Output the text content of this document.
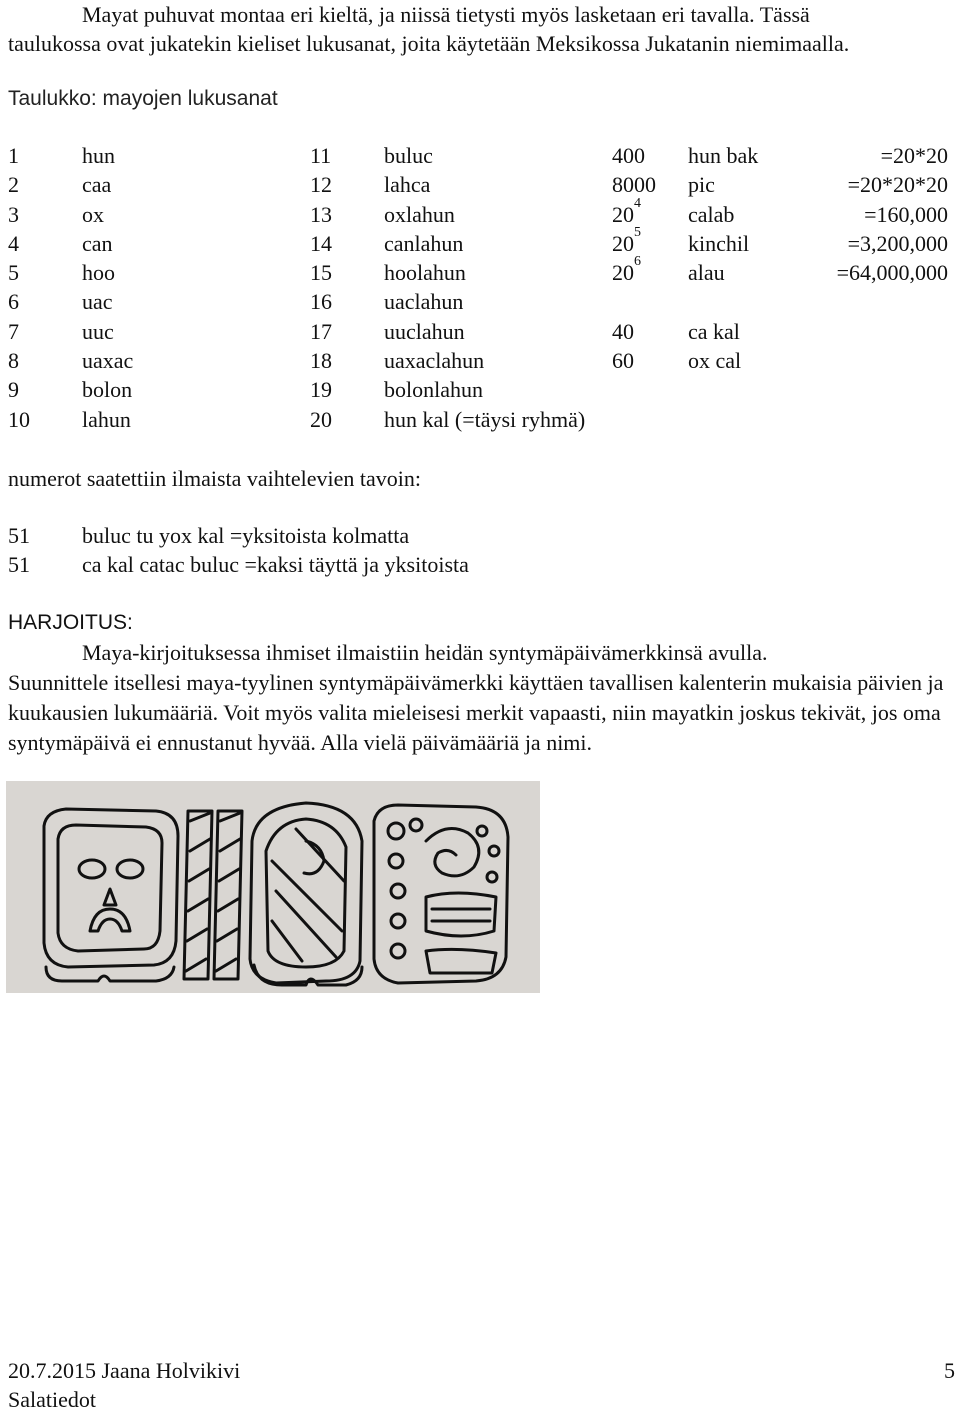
Mayat puhuvat montaa eri kieltä, ja niissä tietysti myös lasketaan eri tavalla. Tässä
taulukossa ovat jukatekin kieliset lukusanat, joita käytetään Meksikossa Jukatanin niemimaalla.
Taulukko: mayojen lukusanat
1	hun	11	buluc	400	hun bak	=20*20
2	caa	12	lahca	8000	pic	=20*20*20
3	ox	13	oxlahun	$20^4$	calab	=160,000
4	can	14	canlahun	$20^5$	kinchil	=3,200,000
5	hoo	15	hoolahun	$20^6$	alau	=64,000,000
6	uac	16	uaclahun			
7	uuc	17	uuclahun	40	ca kal	
8	uaxac	18	uaxaclahun	60	ox cal	
9	bolon	19	bolonlahun			
10	lahun	20	hun kal (=täysi ryhmä)			
numerot saatettiin ilmaista vaihtelevien tavoin:
51 buluc tu yox kal =yksitoista kolmatta
51 ca kal catac buluc =kaksi täyttä ja yksitoista
HARJOITUS:
Maya-kirjoituksessa ihmiset ilmaistiin heidän syntymäpäivämerkkinsä avulla.
Suunnittele itsellesi maya-tyylinen syntymäpäivämerkki käyttäen tavallisen kalenterin mukaisia päivien ja kuukausien lukumääriä. Voit myös valita mieleisesi merkit vapaasti, niin mayatkin joskus tekivät, jos oma syntymäpäivä ei ennustanut hyvää. Alla vielä päivämääriä ja nimi.
20.7.2015 Jaana Holvikivi
Salatiedot
5
